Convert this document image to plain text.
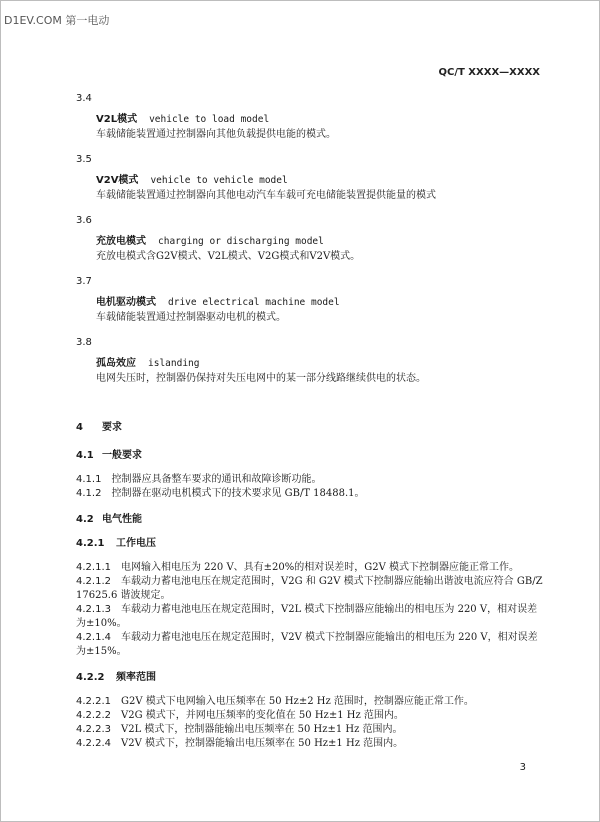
D1EV.COM 第一电动
QC/T XXXX—XXXX
3.4
V2L模式 vehicle to load model
车载储能装置通过控制器向其他负载提供电能的模式。
3.5
V2V模式 vehicle to vehicle model
车载储能装置通过控制器向其他电动汽车车载可充电储能装置提供能量的模式
3.6
充放电模式 charging or discharging model
充放电模式含G2V模式、V2L模式、V2G模式和V2V模式。
3.7
电机驱动模式 drive electrical machine model
车载储能装置通过控制器驱动电机的模式。
3.8
孤岛效应 islanding
电网失压时，控制器仍保持对失压电网中的某一部分线路继续供电的状态。
4 要求
4.1 一般要求
4.1.1 控制器应具备整车要求的通讯和故障诊断功能。
4.1.2 控制器在驱动电机模式下的技术要求见 GB/T 18488.1。
4.2 电气性能
4.2.1 工作电压
4.2.1.1 电网输入相电压为 220 V、具有±20%的相对误差时，G2V 模式下控制器应能正常工作。
4.2.1.2 车载动力蓄电池电压在规定范围时，V2G 和 G2V 模式下控制器应能输出谐波电流应符合 GB/Z
17625.6 谐波规定。
4.2.1.3 车载动力蓄电池电压在规定范围时，V2L 模式下控制器应能输出的相电压为 220 V，相对误差
为±10%。
4.2.1.4 车载动力蓄电池电压在规定范围时，V2V 模式下控制器应能输出的相电压为 220 V，相对误差
为±15%。
4.2.2 频率范围
4.2.2.1 G2V 模式下电网输入电压频率在 50 Hz±2 Hz 范围时，控制器应能正常工作。
4.2.2.2 V2G 模式下，并网电压频率的变化值在 50 Hz±1 Hz 范围内。
4.2.2.3 V2L 模式下，控制器能输出电压频率在 50 Hz±1 Hz 范围内。
4.2.2.4 V2V 模式下，控制器能输出电压频率在 50 Hz±1 Hz 范围内。
3
